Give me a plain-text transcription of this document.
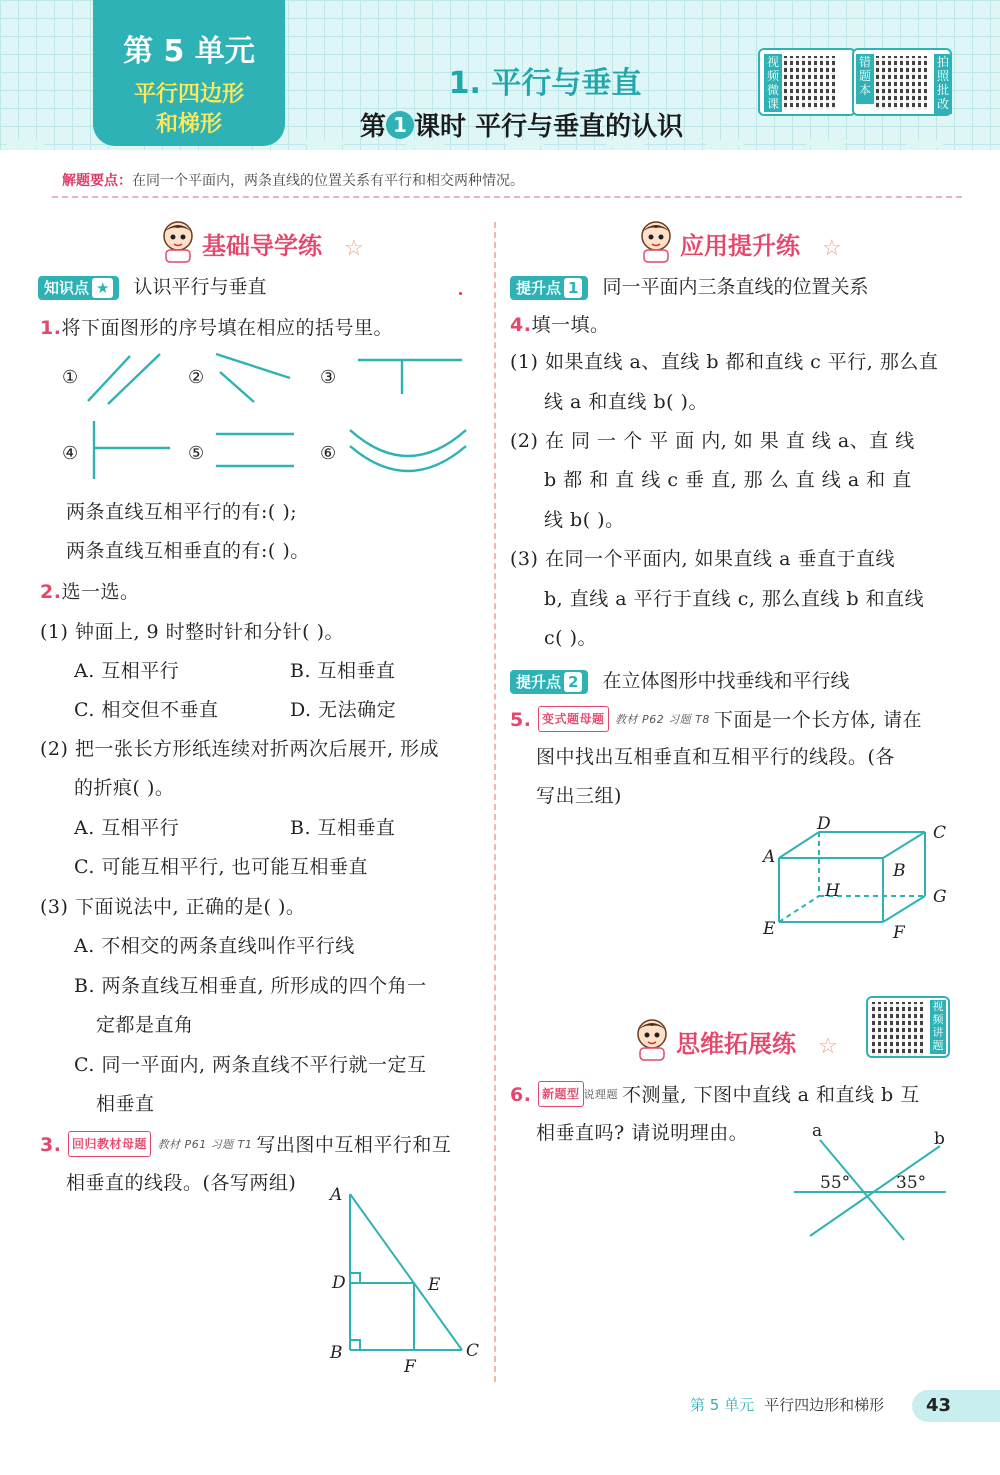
第 5 单元
平行四边形
和梯形
1. 平行与垂直
第 1 课时 平行与垂直的认识
视频微课
错题本
拍照批改
解题要点：在同一个平面内，两条直线的位置关系有平行和相交两种情况。
基础导学练 ☆
知识点 ★ 认识平行与垂直
1.将下面图形的序号填在相应的括号里。
①	②	③
④	⑤	⑥
两条直线互相平行的有:( );
两条直线互相垂直的有:( )。
2.选一选。
(1) 钟面上, 9 时整时针和分针( )。
A. 互相平行	B. 互相垂直
C. 相交但不垂直	D. 无法确定
(2) 把一张长方形纸连续对折两次后展开, 形成
的折痕( )。
A. 互相平行	B. 互相垂直
C. 可能互相平行, 也可能互相垂直
(3) 下面说法中, 正确的是( )。
A. 不相交的两条直线叫作平行线
B. 两条直线互相垂直, 所形成的四个角一
定都是直角
C. 同一平面内, 两条直线不平行就一定互
相垂直
3. 回归教材母题 教材 P61 习题 T1 写出图中互相平行和互
相垂直的线段。(各写两组)
A
D	E
B
F
C
应用提升练 ☆
提升点 1 同一平面内三条直线的位置关系
4.填一填。
(1) 如果直线 a、直线 b 都和直线 c 平行, 那么直
线 a 和直线 b( )。
(2) 在 同 一 个 平 面 内, 如 果 直 线 a、直 线
b 都 和 直 线 c 垂 直, 那 么 直 线 a 和 直
线 b( )。
(3) 在同一个平面内, 如果直线 a 垂直于直线
b, 直线 a 平行于直线 c, 那么直线 b 和直线
c( )。
提升点 2 在立体图形中找垂线和平行线
5. 变式题母题 教材 P62 习题 T8 下面是一个长方体, 请在
图中找出互相垂直和互相平行的线段。(各
写出三组)
D	C
A
B
H	G
E	F
思维拓展练 ☆
视频讲题
6. 新题型 说理题 不测量, 下图中直线 a 和直线 b 互
相垂直吗? 请说明理由。	a	b
55°	35°
第 5 单元 平行四边形和梯形	43
